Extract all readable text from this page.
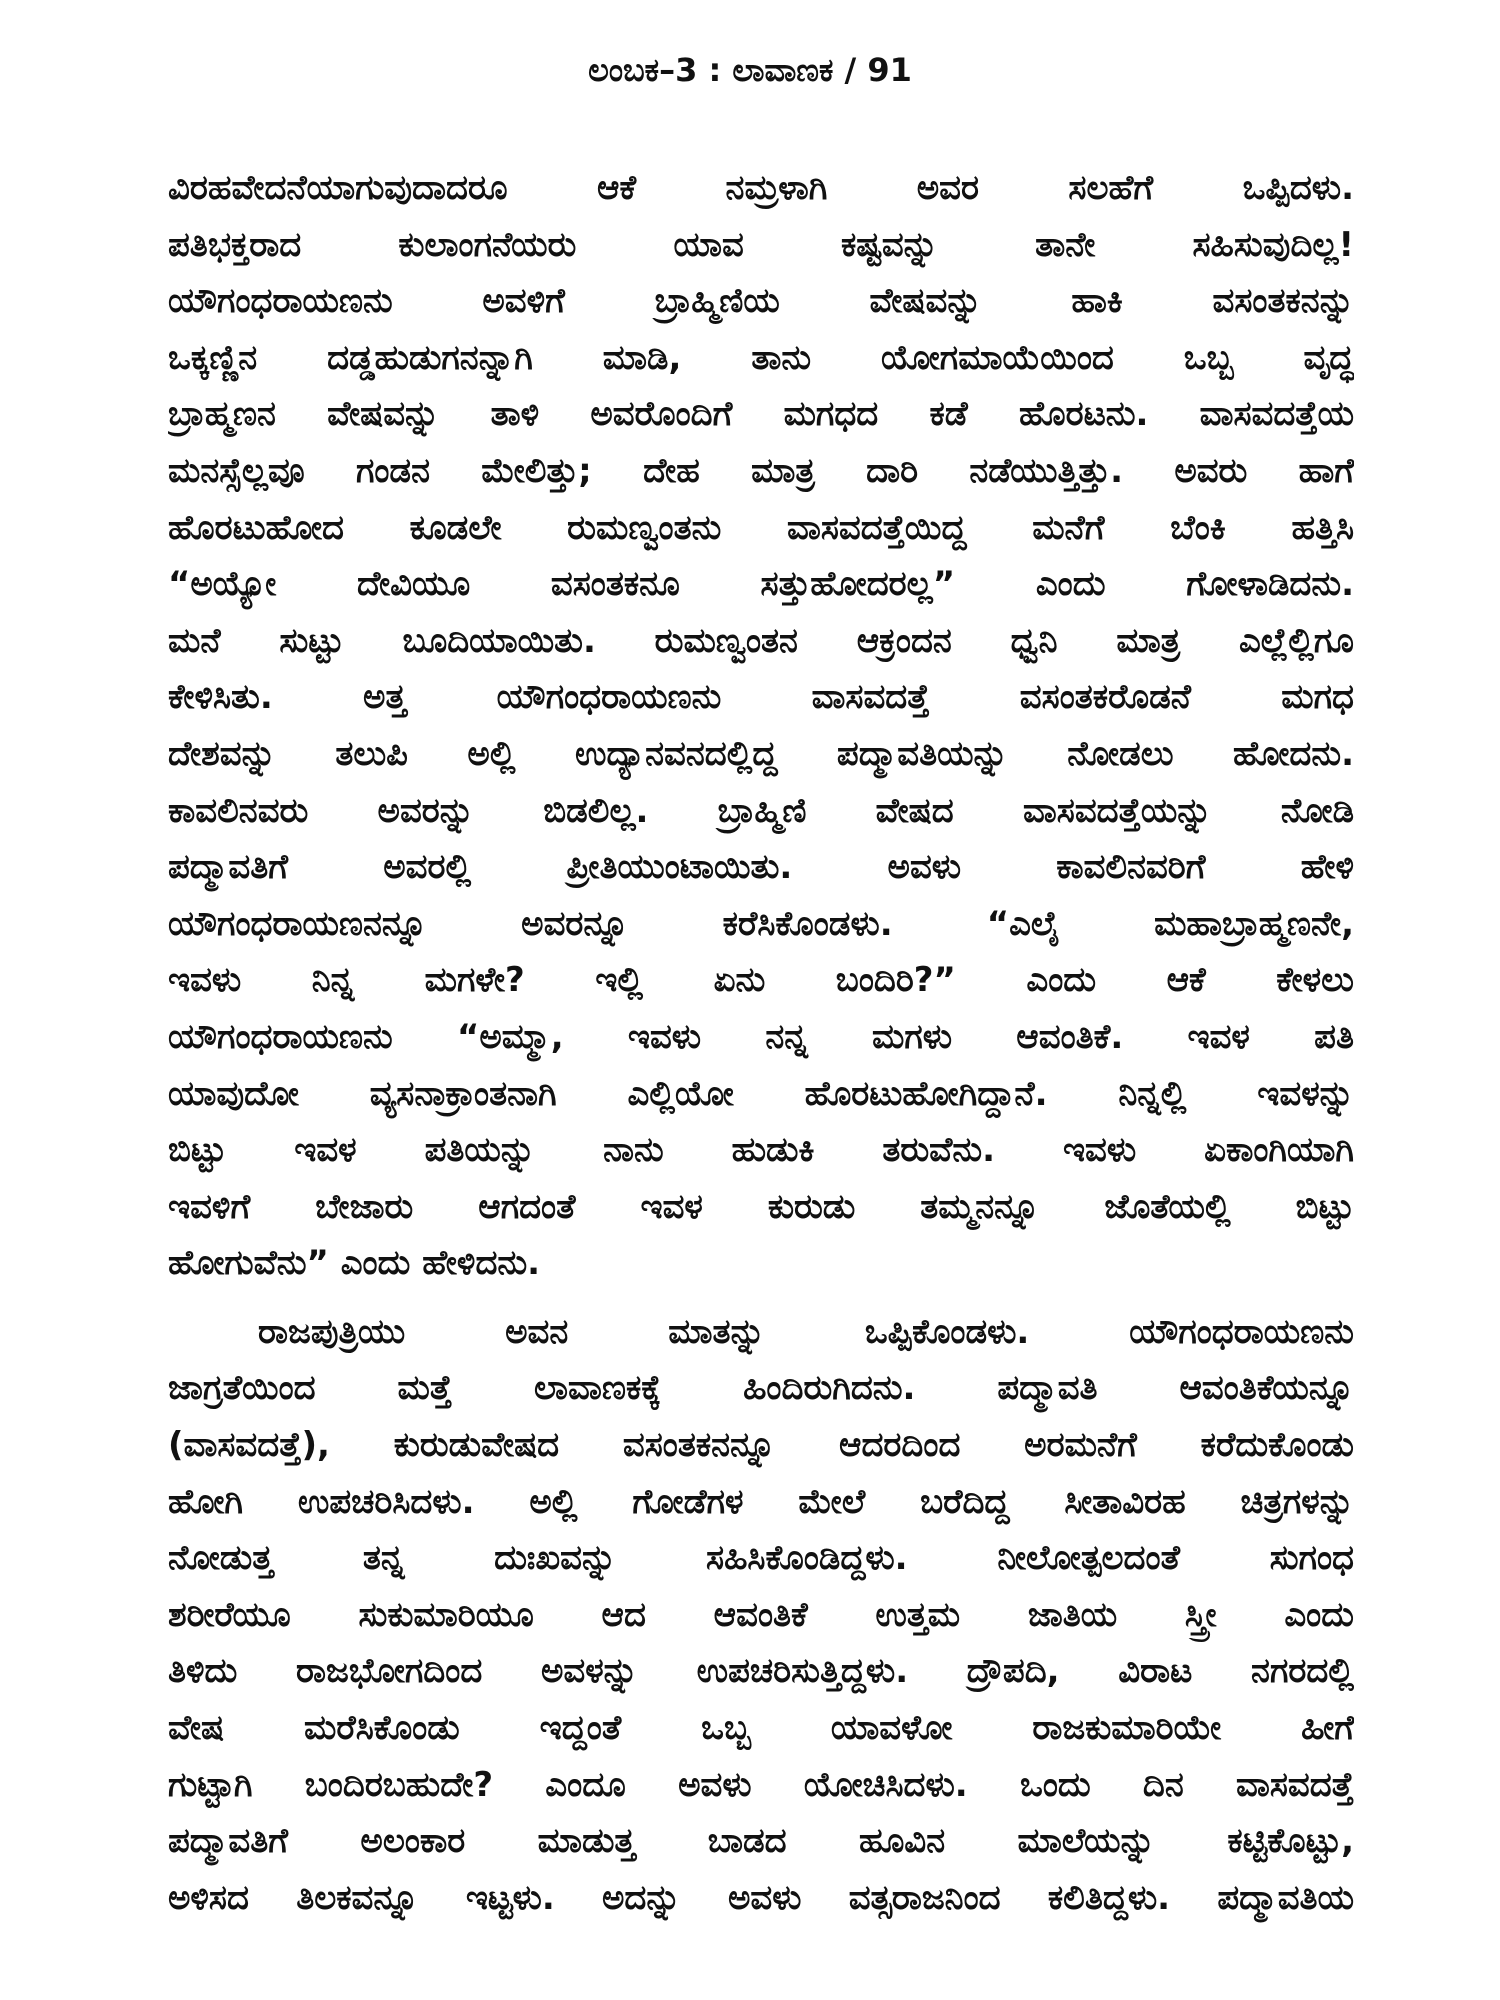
ಲಂಬಕ–3 : ಲಾವಾಣಕ / 91
ವಿರಹವೇದನೆಯಾಗುವುದಾದರೂ ಆಕೆ ನಮ್ರಳಾಗಿ ಅವರ ಸಲಹೆಗೆ ಒಪ್ಪಿದಳು.
ಪತಿಭಕ್ತರಾದ ಕುಲಾಂಗನೆಯರು ಯಾವ ಕಷ್ಟವನ್ನು ತಾನೇ ಸಹಿಸುವುದಿಲ್ಲ!
ಯೌಗಂಧರಾಯಣನು ಅವಳಿಗೆ ಬ್ರಾಹ್ಮಿಣಿಯ ವೇಷವನ್ನು ಹಾಕಿ ವಸಂತಕನನ್ನು
ಒಕ್ಕಣ್ಣಿನ ದಡ್ಡಹುಡುಗನನ್ನಾಗಿ ಮಾಡಿ, ತಾನು ಯೋಗಮಾಯೆಯಿಂದ ಒಬ್ಬ ವೃದ್ಧ
ಬ್ರಾಹ್ಮಣನ ವೇಷವನ್ನು ತಾಳಿ ಅವರೊಂದಿಗೆ ಮಗಧದ ಕಡೆ ಹೊರಟನು. ವಾಸವದತ್ತೆಯ
ಮನಸ್ಸೆಲ್ಲವೂ ಗಂಡನ ಮೇಲಿತ್ತು; ದೇಹ ಮಾತ್ರ ದಾರಿ ನಡೆಯುತ್ತಿತ್ತು. ಅವರು ಹಾಗೆ
ಹೊರಟುಹೋದ ಕೂಡಲೇ ರುಮಣ್ವಂತನು ವಾಸವದತ್ತೆಯಿದ್ದ ಮನೆಗೆ ಬೆಂಕಿ ಹತ್ತಿಸಿ
“ಅಯ್ಯೋ ದೇವಿಯೂ ವಸಂತಕನೂ ಸತ್ತುಹೋದರಲ್ಲ” ಎಂದು ಗೋಳಾಡಿದನು.
ಮನೆ ಸುಟ್ಟು ಬೂದಿಯಾಯಿತು. ರುಮಣ್ವಂತನ ಆಕ್ರಂದನ ಧ್ವನಿ ಮಾತ್ರ ಎಲ್ಲೆಲ್ಲಿಗೂ
ಕೇಳಿಸಿತು. ಅತ್ತ ಯೌಗಂಧರಾಯಣನು ವಾಸವದತ್ತೆ ವಸಂತಕರೊಡನೆ ಮಗಧ
ದೇಶವನ್ನು ತಲುಪಿ ಅಲ್ಲಿ ಉದ್ಯಾನವನದಲ್ಲಿದ್ದ ಪದ್ಮಾವತಿಯನ್ನು ನೋಡಲು ಹೋದನು.
ಕಾವಲಿನವರು ಅವರನ್ನು ಬಿಡಲಿಲ್ಲ. ಬ್ರಾಹ್ಮಿಣಿ ವೇಷದ ವಾಸವದತ್ತೆಯನ್ನು ನೋಡಿ
ಪದ್ಮಾವತಿಗೆ ಅವರಲ್ಲಿ ಪ್ರೀತಿಯುಂಟಾಯಿತು. ಅವಳು ಕಾವಲಿನವರಿಗೆ ಹೇಳಿ
ಯೌಗಂಧರಾಯಣನನ್ನೂ ಅವರನ್ನೂ ಕರೆಸಿಕೊಂಡಳು. “ಎಲೈ ಮಹಾಬ್ರಾಹ್ಮಣನೇ,
ಇವಳು ನಿನ್ನ ಮಗಳೇ? ಇಲ್ಲಿ ಏನು ಬಂದಿರಿ?” ಎಂದು ಆಕೆ ಕೇಳಲು
ಯೌಗಂಧರಾಯಣನು “ಅಮ್ಮಾ, ಇವಳು ನನ್ನ ಮಗಳು ಆವಂತಿಕೆ. ಇವಳ ಪತಿ
ಯಾವುದೋ ವ್ಯಸನಾಕ್ರಾಂತನಾಗಿ ಎಲ್ಲಿಯೋ ಹೊರಟುಹೋಗಿದ್ದಾನೆ. ನಿನ್ನಲ್ಲಿ ಇವಳನ್ನು
ಬಿಟ್ಟು ಇವಳ ಪತಿಯನ್ನು ನಾನು ಹುಡುಕಿ ತರುವೆನು. ಇವಳು ಏಕಾಂಗಿಯಾಗಿ
ಇವಳಿಗೆ ಬೇಜಾರು ಆಗದಂತೆ ಇವಳ ಕುರುಡು ತಮ್ಮನನ್ನೂ ಜೊತೆಯಲ್ಲಿ ಬಿಟ್ಟು
ಹೋಗುವೆನು” ಎಂದು ಹೇಳಿದನು.
ರಾಜಪುತ್ರಿಯು ಅವನ ಮಾತನ್ನು ಒಪ್ಪಿಕೊಂಡಳು. ಯೌಗಂಧರಾಯಣನು
ಜಾಗ್ರತೆಯಿಂದ ಮತ್ತೆ ಲಾವಾಣಕಕ್ಕೆ ಹಿಂದಿರುಗಿದನು. ಪದ್ಮಾವತಿ ಆವಂತಿಕೆಯನ್ನೂ
(ವಾಸವದತ್ತೆ), ಕುರುಡುವೇಷದ ವಸಂತಕನನ್ನೂ ಆದರದಿಂದ ಅರಮನೆಗೆ ಕರೆದುಕೊಂಡು
ಹೋಗಿ ಉಪಚರಿಸಿದಳು. ಅಲ್ಲಿ ಗೋಡೆಗಳ ಮೇಲೆ ಬರೆದಿದ್ದ ಸೀತಾವಿರಹ ಚಿತ್ರಗಳನ್ನು
ನೋಡುತ್ತ ತನ್ನ ದುಃಖವನ್ನು ಸಹಿಸಿಕೊಂಡಿದ್ದಳು. ನೀಲೋತ್ಪಲದಂತೆ ಸುಗಂಧ
ಶರೀರೆಯೂ ಸುಕುಮಾರಿಯೂ ಆದ ಆವಂತಿಕೆ ಉತ್ತಮ ಜಾತಿಯ ಸ್ತ್ರೀ ಎಂದು
ತಿಳಿದು ರಾಜಭೋಗದಿಂದ ಅವಳನ್ನು ಉಪಚರಿಸುತ್ತಿದ್ದಳು. ದ್ರೌಪದಿ, ವಿರಾಟ ನಗರದಲ್ಲಿ
ವೇಷ ಮರೆಸಿಕೊಂಡು ಇದ್ದಂತೆ ಒಬ್ಬ ಯಾವಳೋ ರಾಜಕುಮಾರಿಯೇ ಹೀಗೆ
ಗುಟ್ಟಾಗಿ ಬಂದಿರಬಹುದೇ? ಎಂದೂ ಅವಳು ಯೋಚಿಸಿದಳು. ಒಂದು ದಿನ ವಾಸವದತ್ತೆ
ಪದ್ಮಾವತಿಗೆ ಅಲಂಕಾರ ಮಾಡುತ್ತ ಬಾಡದ ಹೂವಿನ ಮಾಲೆಯನ್ನು ಕಟ್ಟಿಕೊಟ್ಟು,
ಅಳಿಸದ ತಿಲಕವನ್ನೂ ಇಟ್ಟಳು. ಅದನ್ನು ಅವಳು ವತ್ಸರಾಜನಿಂದ ಕಲಿತಿದ್ದಳು. ಪದ್ಮಾವತಿಯ
